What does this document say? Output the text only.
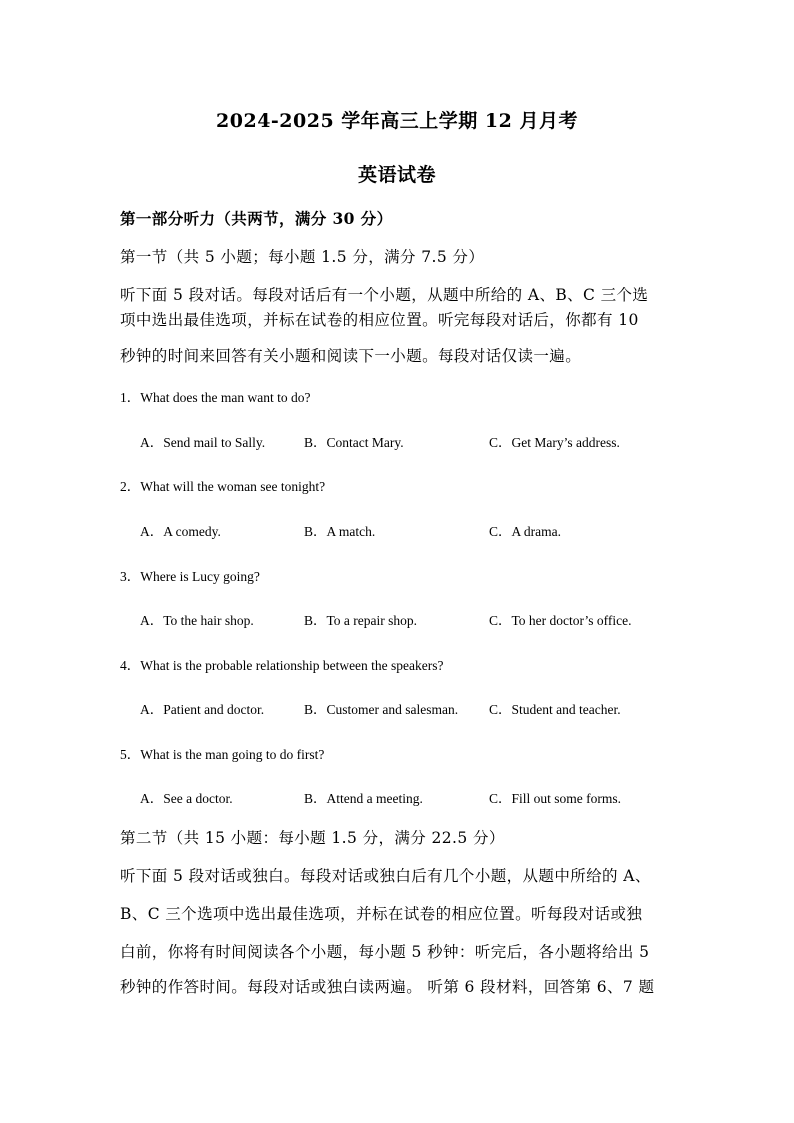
2024-2025 学年高三上学期 12 月月考
英语试卷
第一部分听力（共两节，满分 30 分）
第一节（共 5 小题；每小题 1.5 分，满分 7.5 分）
听下面 5 段对话。每段对话后有一个小题，从题中所给的 A、B、C 三个选
项中选出最佳选项，并标在试卷的相应位置。听完每段对话后，你都有 10
秒钟的时间来回答有关小题和阅读下一小题。每段对话仅读一遍。
1．What does the man want to do?
A．Send mail to Sally.	B．Contact Mary.	C．Get Mary’s address.
2．What will the woman see tonight?
A．A comedy.	B．A match.	C．A drama.
3．Where is Lucy going?
A．To the hair shop.	B．To a repair shop.	C．To her doctor’s office.
4．What is the probable relationship between the speakers?
A．Patient and doctor.	B．Customer and salesman. C．Student and teacher.
5．What is the man going to do first?
A．See a doctor.	B．Attend a meeting.	C．Fill out some forms.
第二节（共 15 小题：每小题 1.5 分，满分 22.5 分）
听下面 5 段对话或独白。每段对话或独白后有几个小题，从题中所给的 A、
B、C 三个选项中选出最佳选项，并标在试卷的相应位置。听每段对话或独
白前，你将有时间阅读各个小题，每小题 5 秒钟：听完后，各小题将给出 5
秒钟的作答时间。每段对话或独白读两遍。 听第 6 段材料，回答第 6、7 题
